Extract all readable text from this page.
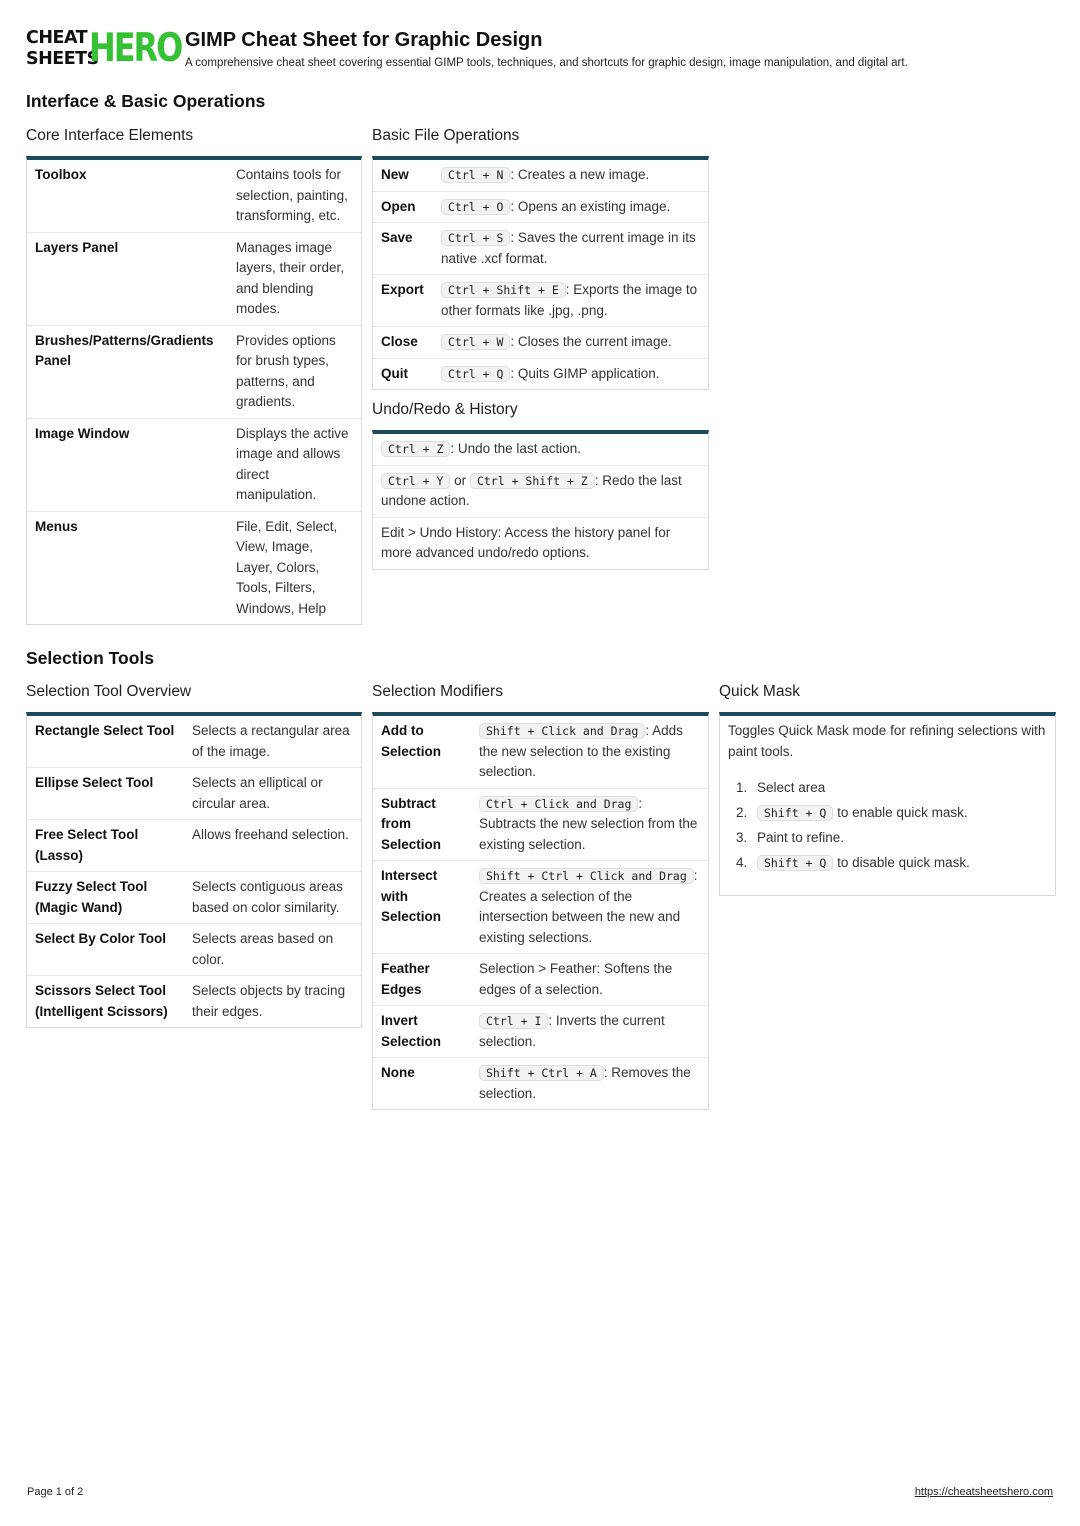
CHEAT
SHEETS
HERO GIMP Cheat Sheet for Graphic Design
A comprehensive cheat sheet covering essential GIMP tools, techniques, and shortcuts for graphic design, image manipulation, and digital art.
Interface & Basic Operations
Core Interface Elements
Toolbox	Contains tools for selection, painting, transforming, etc.
Layers Panel	Manages image layers, their order, and blending modes.
Brushes/Patterns/Gradients Panel	Provides options for brush types, patterns, and gradients.
Image Window	Displays the active image and allows direct manipulation.
Menus	File, Edit, Select, View, Image, Layer, Colors, Tools, Filters, Windows, Help
Basic File Operations
New	Ctrl + N : Creates a new image.
Open	Ctrl + O : Opens an existing image.
Save	Ctrl + S : Saves the current image in its native .xcf format.
Export	Ctrl + Shift + E : Exports the image to other formats like .jpg, .png.
Close	Ctrl + W : Closes the current image.
Quit	Ctrl + Q : Quits GIMP application.
Undo/Redo & History
Ctrl + Z : Undo the last action.
Ctrl + Y or Ctrl + Shift + Z : Redo the last undone action.
Edit > Undo History: Access the history panel for more advanced undo/redo options.
Selection Tools
Selection Tool Overview
Rectangle Select Tool	Selects a rectangular area of the image.
Ellipse Select Tool	Selects an elliptical or circular area.
Free Select Tool (Lasso)	Allows freehand selection.
Fuzzy Select Tool (Magic Wand)	Selects contiguous areas based on color similarity.
Select By Color Tool	Selects areas based on color.
Scissors Select Tool (Intelligent Scissors)	Selects objects by tracing their edges.
Selection Modifiers
Add to Selection	Shift + Click and Drag : Adds the new selection to the existing selection.
Subtract from Selection	Ctrl + Click and Drag : Subtracts the new selection from the existing selection.
Intersect with Selection	Shift + Ctrl + Click and Drag : Creates a selection of the intersection between the new and existing selections.
Feather Edges	Selection > Feather: Softens the edges of a selection.
Invert Selection	Ctrl + I : Inverts the current selection.
None	Shift + Ctrl + A : Removes the selection.
Quick Mask
Toggles Quick Mask mode for refining selections with paint tools.
1. Select area
2.	Shift + Q to enable quick mask.
3. Paint to refine.
4.	Shift + Q to disable quick mask.
Page 1 of 2	https://cheatsheetshero.com
